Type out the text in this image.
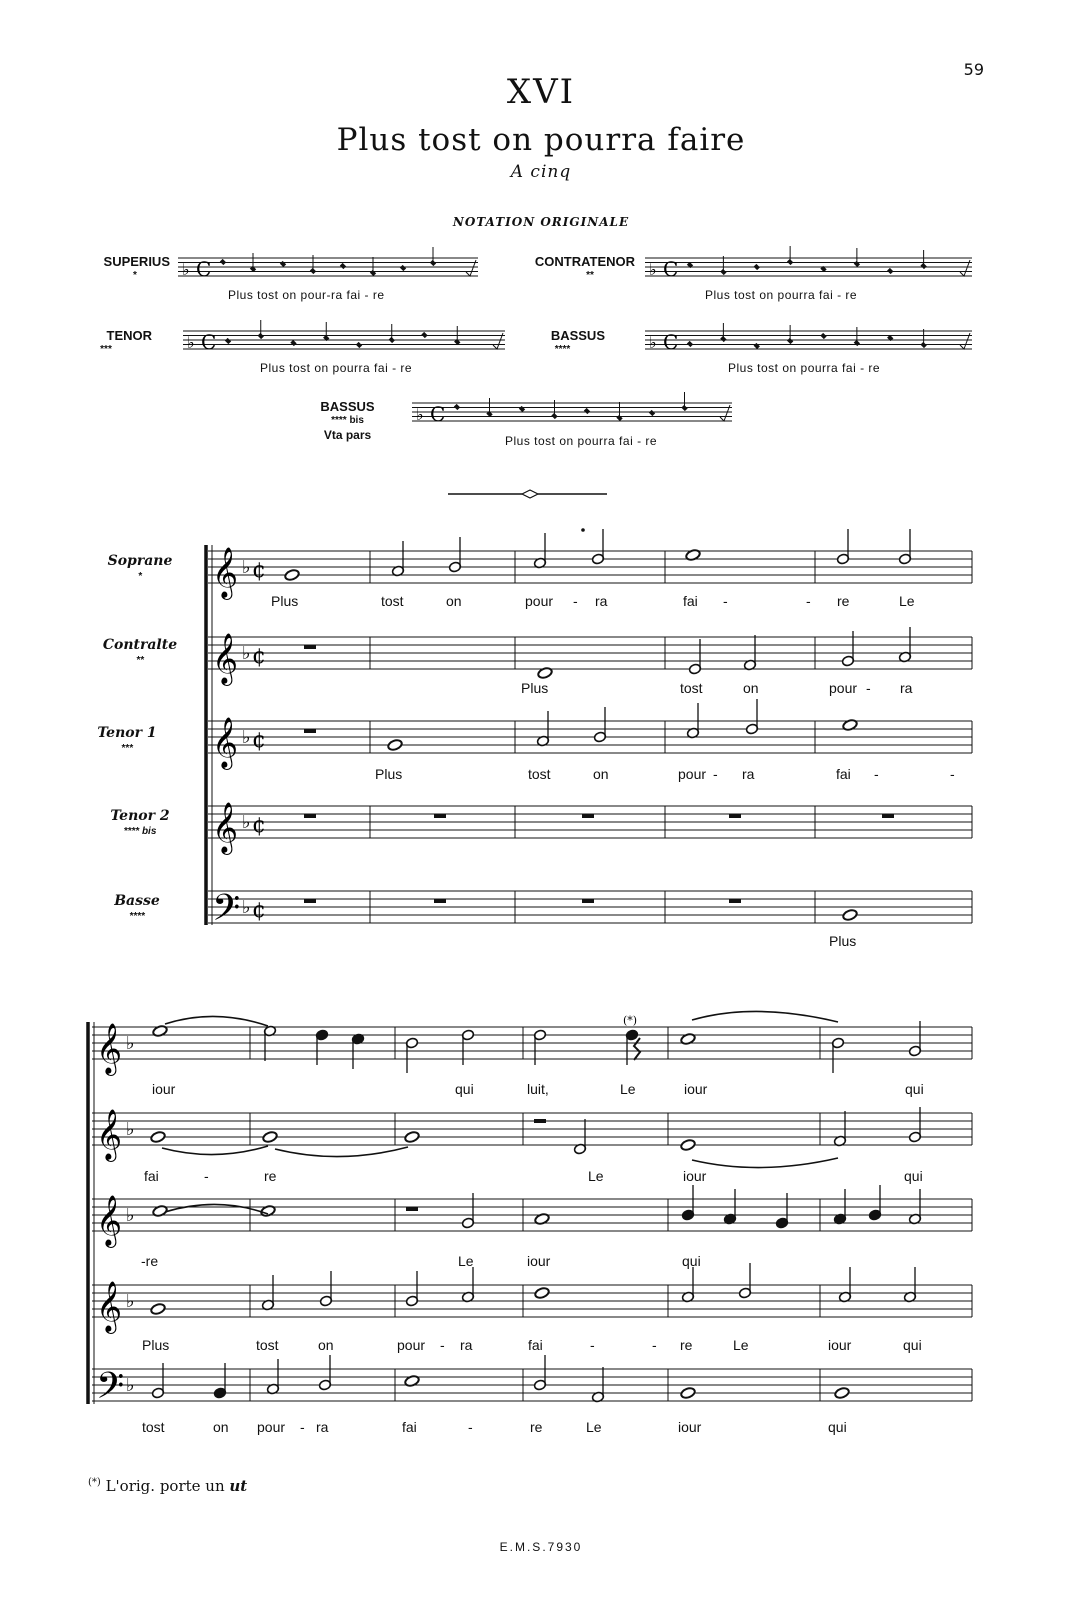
59
XVI
Plus tost on pourra faire
A cinq
NOTATION ORIGINALE
SUPERIUS
*
CONTRATENOR
**
TENOR
***
BASSUS
****
BASSUS
**** bis
Vta pars
Plus tost on pour-ra fai - re	Plus tost on pourra fai - re
Plus tost on pourra fai - re	Plus tost on pourra fai - re
Plus tost on pourra fai - re
Soprane
*
Contralte
**
Tenor 1
***
Tenor 2
**** bis
Basse
****
♭ C	♭ C
♭ C	♭ C
♭ C
𝄞 ♭ ¢
𝄞 ♭ ¢
𝄞 ♭ ¢
𝄞 ♭ ¢
𝄢 ♭ ¢
𝄞 ♭
𝄞 ♭
𝄞 ♭
𝄞 ♭
𝄢 ♭
(*)
Plus	tost	on	pour - ra	fai -	- re	Le
Plus	tost	on	pour - ra
Plus	tost	on	pour - ra	fai -	-
Plus
iour	qui	luit,	Le	iour	qui
fai	-	re	Le	iour	qui
-re	Le	iour	qui
Plus	tost	on	pour - ra	fai	-	- re	Le	iour	qui
tost	on pour - ra	fai	-	re	Le	iour	qui
(*) L'orig. porte un ut
E.M.S.7930
